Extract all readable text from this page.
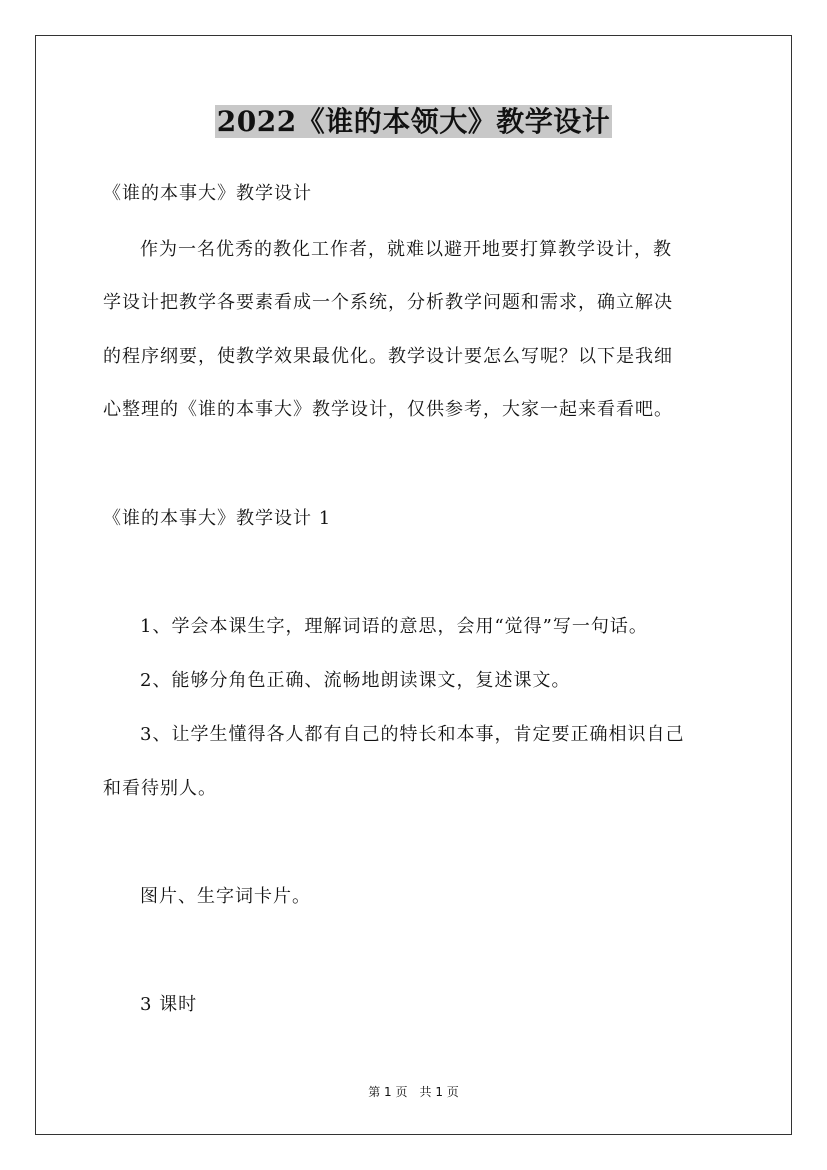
2022《谁的本领大》教学设计
《谁的本事大》教学设计
作为一名优秀的教化工作者，就难以避开地要打算教学设计，教
学设计把教学各要素看成一个系统，分析教学问题和需求，确立解决
的程序纲要，使教学效果最优化。教学设计要怎么写呢？以下是我细
心整理的《谁的本事大》教学设计，仅供参考，大家一起来看看吧。
《谁的本事大》教学设计 1
1、学会本课生字，理解词语的意思，会用“觉得”写一句话。
2、能够分角色正确、流畅地朗读课文，复述课文。
3、让学生懂得各人都有自己的特长和本事，肯定要正确相识自己
和看待别人。
图片、生字词卡片。
3 课时
第 1 页　共 1 页
